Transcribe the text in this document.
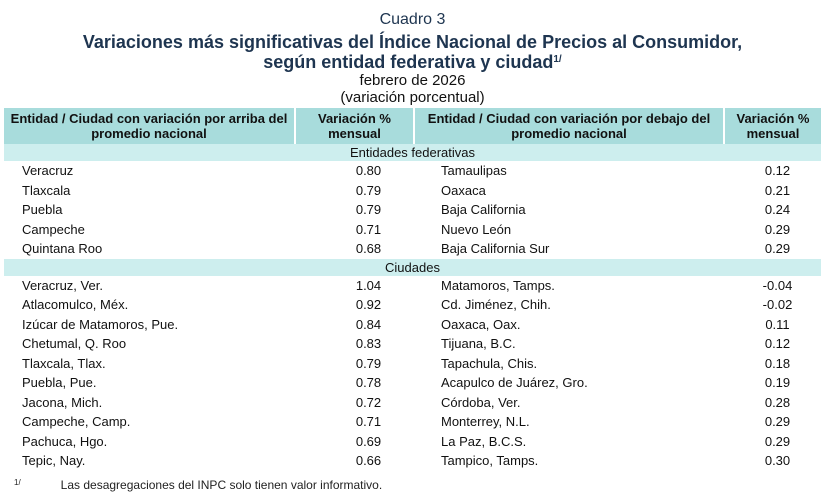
Cuadro 3
Variaciones más significativas del Índice Nacional de Precios al Consumidor,
según entidad federativa y ciudad$^{1/}$
febrero de 2026
(variación porcentual)
Entidad / Ciudad con variación por arriba del promedio nacional	Variación % mensual	Entidad / Ciudad con variación por debajo del promedio nacional	Variación % mensual
Entidades federativas			
Veracruz	0.80	Tamaulipas	0.12
Tlaxcala	0.79	Oaxaca	0.21
Puebla	0.79	Baja California	0.24
Campeche	0.71	Nuevo León	0.29
Quintana Roo	0.68	Baja California Sur	0.29
Ciudades			
Veracruz, Ver.	1.04	Matamoros, Tamps.	-0.04
Atlacomulco, Méx.	0.92	Cd. Jiménez, Chih.	-0.02
Izúcar de Matamoros, Pue.	0.84	Oaxaca, Oax.	0.11
Chetumal, Q. Roo	0.83	Tijuana, B.C.	0.12
Tlaxcala, Tlax.	0.79	Tapachula, Chis.	0.18
Puebla, Pue.	0.78	Acapulco de Juárez, Gro.	0.19
Jacona, Mich.	0.72	Córdoba, Ver.	0.28
Campeche, Camp.	0.71	Monterrey, N.L.	0.29
Pachuca, Hgo.	0.69	La Paz, B.C.S.	0.29
Tepic, Nay.	0.66	Tampico, Tamps.	0.30
$^{1/}$	Las desagregaciones del INPC solo tienen valor informativo.
